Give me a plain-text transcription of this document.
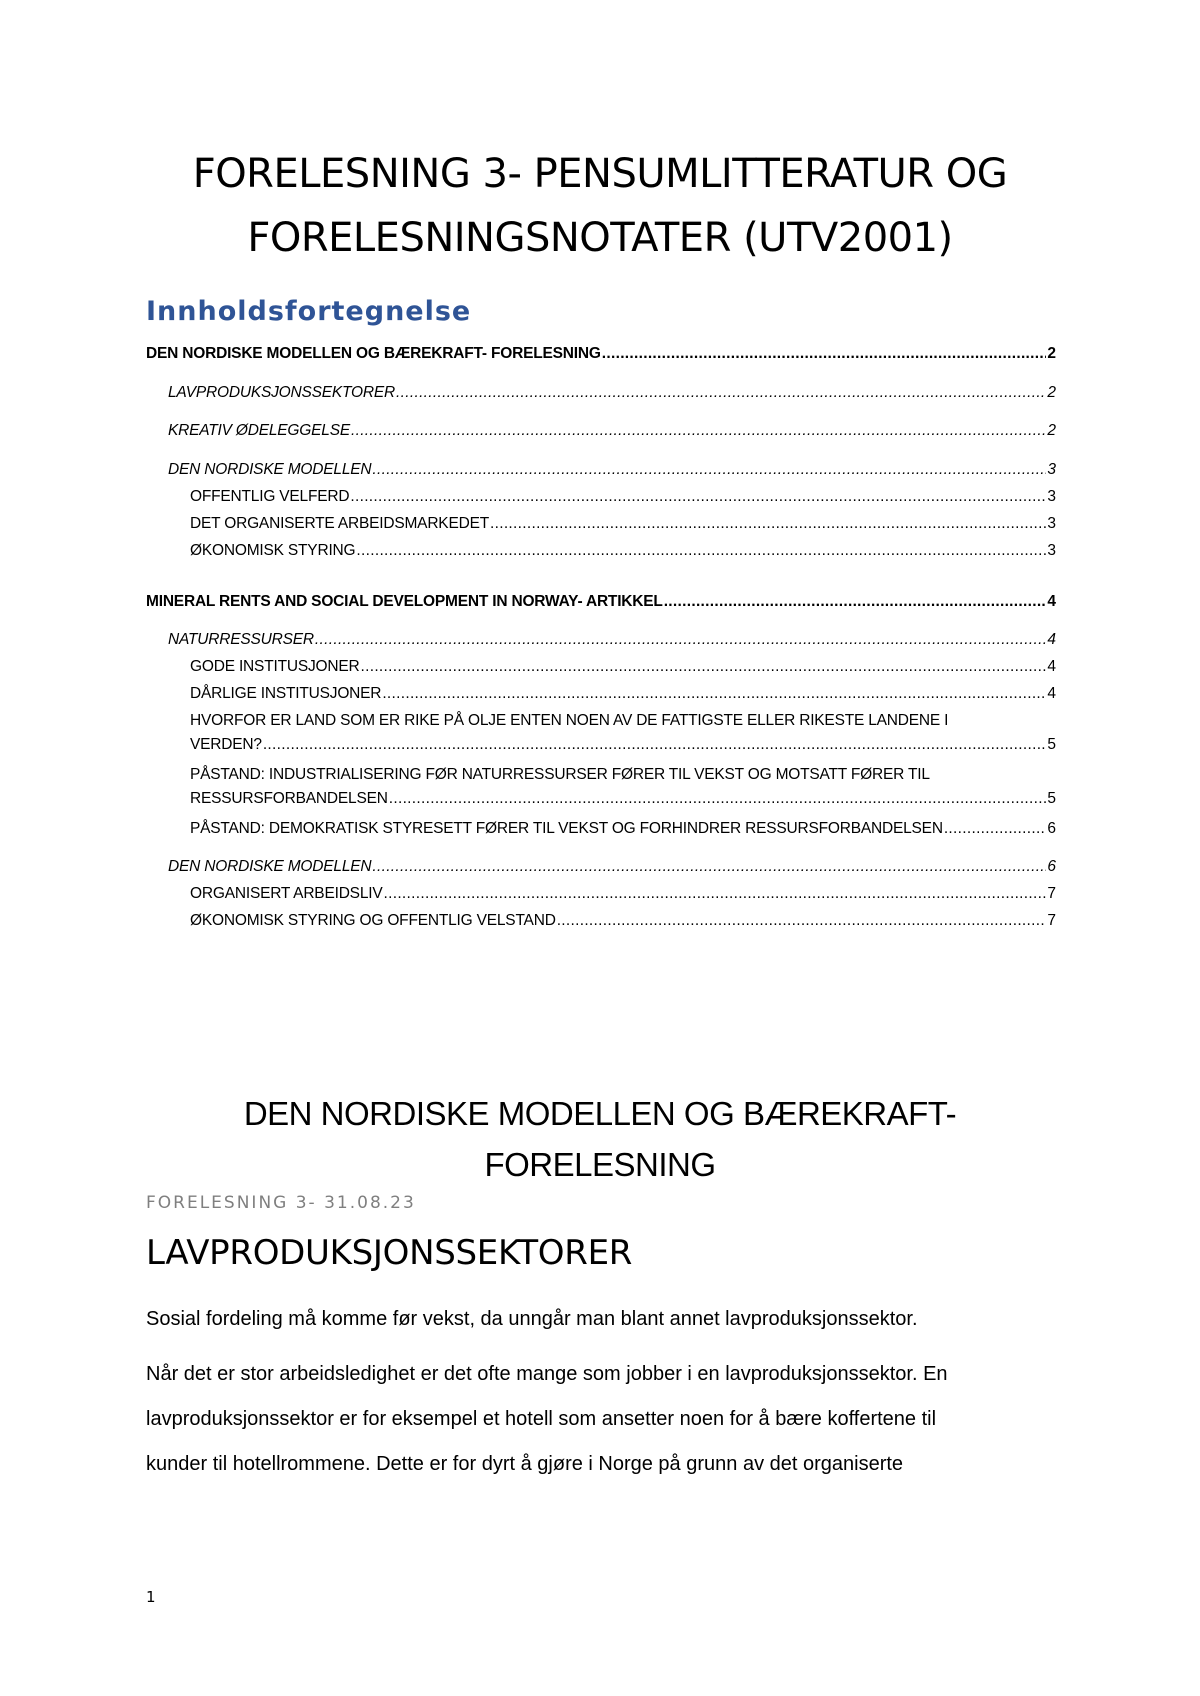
FORELESNING 3- PENSUMLITTERATUR OG
FORELESNINGSNOTATER (UTV2001)
Innholdsfortegnelse
DEN NORDISKE MODELLEN OG BÆREKRAFT- FORELESNING .....	2
LAVPRODUKSJONSSEKTORER .....	2
KREATIV ØDELEGGELSE .....	2
DEN NORDISKE MODELLEN .....	3
OFFENTLIG VELFERD .....	3
DET ORGANISERTE ARBEIDSMARKEDET .....	3
ØKONOMISK STYRING .....	3
MINERAL RENTS AND SOCIAL DEVELOPMENT IN NORWAY- ARTIKKEL .....	4
NATURRESSURSER .....	4
GODE INSTITUSJONER .....	4
DÅRLIGE INSTITUSJONER .....	4
HVORFOR ER LAND SOM ER RIKE PÅ OLJE ENTEN NOEN AV DE FATTIGSTE ELLER RIKESTE LANDENE I
VERDEN? .....	5
PÅSTAND: INDUSTRIALISERING FØR NATURRESSURSER FØRER TIL VEKST OG MOTSATT FØRER TIL
RESSURSFORBANDELSEN .....	5
PÅSTAND: DEMOKRATISK STYRESETT FØRER TIL VEKST OG FORHINDRER RESSURSFORBANDELSEN .....	6
DEN NORDISKE MODELLEN .....	6
ORGANISERT ARBEIDSLIV .....	7
ØKONOMISK STYRING OG OFFENTLIG VELSTAND .....	7
DEN NORDISKE MODELLEN OG BÆREKRAFT-
FORELESNING

FORELESNING 3- 31.08.23

LAVPRODUKSJONSSEKTORER

Sosial fordeling må komme før vekst, da unngår man blant annet lavproduksjonssektor.

Når det er stor arbeidsledighet er det ofte mange som jobber i en lavproduksjonssektor. En
lavproduksjonssektor er for eksempel et hotell som ansetter noen for å bære koffertene til
kunder til hotellrommene. Dette er for dyrt å gjøre i Norge på grunn av det organiserte

1
